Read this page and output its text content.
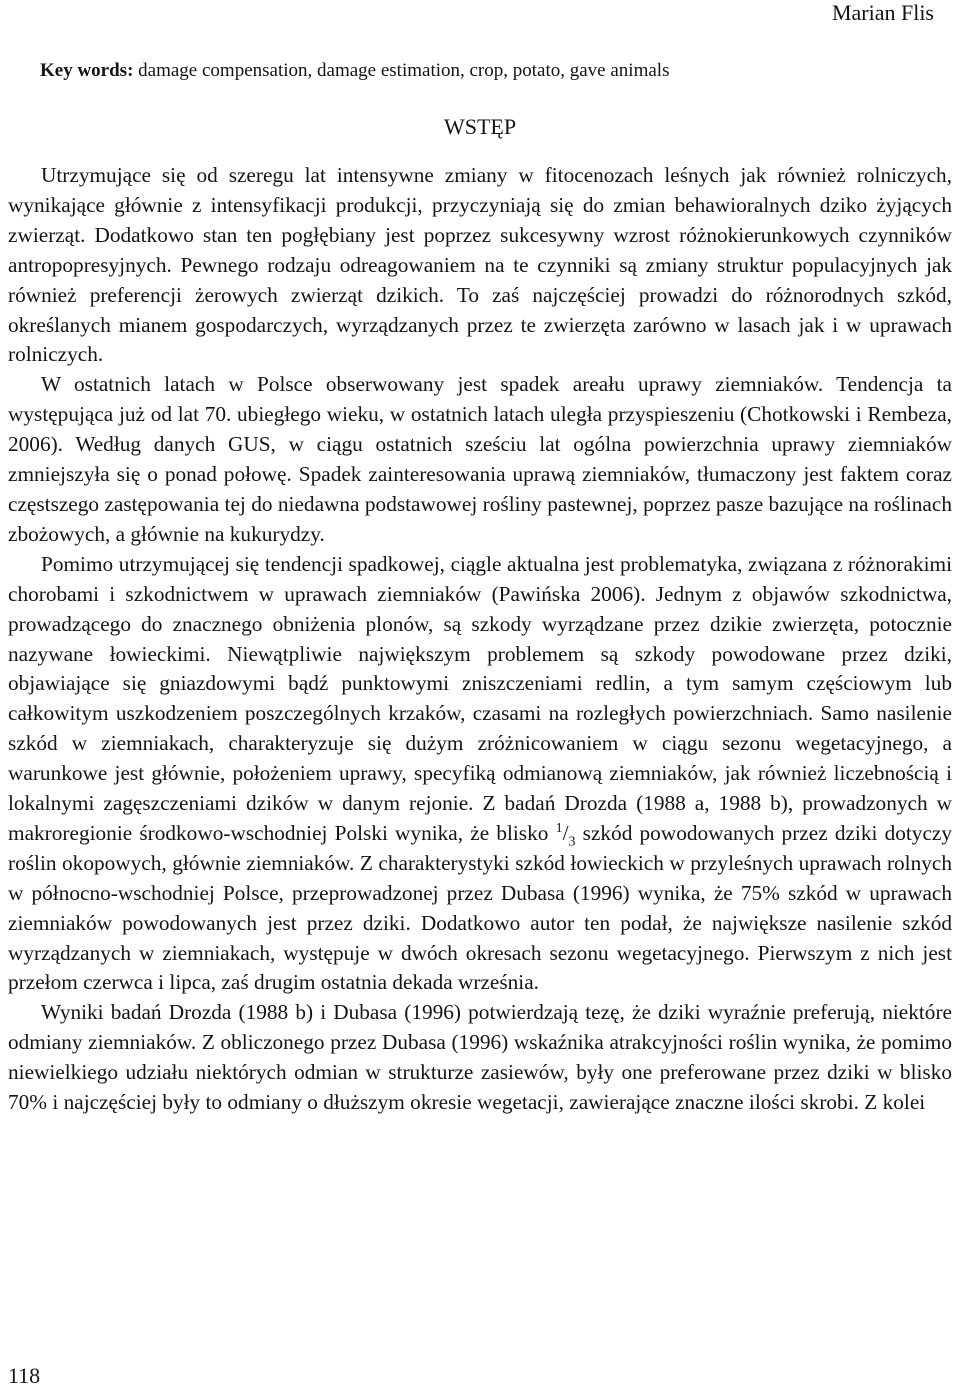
Marian Flis
Key words: damage compensation, damage estimation, crop, potato, gave animals
WSTĘP

Utrzymujące się od szeregu lat intensywne zmiany w fitocenozach leśnych jak również rolniczych, wynikające głównie z intensyfikacji produkcji, przyczyniają się do zmian behawioralnych dziko żyjących zwierząt. Dodatkowo stan ten pogłębiany jest poprzez sukcesywny wzrost różnokierunkowych czynników antropopresyjnych. Pewnego rodzaju odreagowaniem na te czynniki są zmiany struktur populacyjnych jak również preferencji żerowych zwierząt dzikich. To zaś najczęściej prowadzi do różnorodnych szkód, określanych mianem gospodarczych, wyrządzanych przez te zwierzęta zarówno w lasach jak i w uprawach rolniczych.

W ostatnich latach w Polsce obserwowany jest spadek areału uprawy ziemniaków. Tendencja ta występująca już od lat 70. ubiegłego wieku, w ostatnich latach uległa przyspieszeniu (Chotkowski i Rembeza, 2006). Według danych GUS, w ciągu ostatnich sześciu lat ogólna powierzchnia uprawy ziemniaków zmniejszyła się o ponad połowę. Spadek zainteresowania uprawą ziemniaków, tłumaczony jest faktem coraz częstszego zastępowania tej do niedawna podstawowej rośliny pastewnej, poprzez pasze bazujące na roślinach zbożowych, a głównie na kukurydzy.

Pomimo utrzymującej się tendencji spadkowej, ciągle aktualna jest problematyka, związana z różnorakimi chorobami i szkodnictwem w uprawach ziemniaków (Pawińska 2006). Jednym z objawów szkodnictwa, prowadzącego do znacznego obniżenia plonów, są szkody wyrządzane przez dzikie zwierzęta, potocznie nazywane łowieckimi. Niewątpliwie największym problemem są szkody powodowane przez dziki, objawiające się gniazdowymi bądź punktowymi zniszczeniami redlin, a tym samym częściowym lub całkowitym uszkodzeniem poszczególnych krzaków, czasami na rozległych powierzchniach. Samo nasilenie szkód w ziemniakach, charakteryzuje się dużym zróżnicowaniem w ciągu sezonu wegetacyjnego, a warunkowe jest głównie, położeniem uprawy, specyfiką odmianową ziemniaków, jak również liczebnością i lokalnymi zagęszczeniami dzików w danym rejonie. Z badań Drozda (1988 a, 1988 b), prowadzonych w makroregionie środkowo-wschodniej Polski wynika, że blisko $^1/_3$ szkód powodowanych przez dziki dotyczy roślin okopowych, głównie ziemniaków. Z charakterystyki szkód łowieckich w przyleśnych uprawach rolnych w północno-wschodniej Polsce, przeprowadzonej przez Dubasa (1996) wynika, że 75% szkód w uprawach ziemniaków powodowanych jest przez dziki. Dodatkowo autor ten podał, że największe nasilenie szkód wyrządzanych w ziemniakach, występuje w dwóch okresach sezonu wegetacyjnego. Pierwszym z nich jest przełom czerwca i lipca, zaś drugim ostatnia dekada września.

Wyniki badań Drozda (1988 b) i Dubasa (1996) potwierdzają tezę, że dziki wyraźnie preferują, niektóre odmiany ziemniaków. Z obliczonego przez Dubasa (1996) wskaźnika atrakcyjności roślin wynika, że pomimo niewielkiego udziału niektórych odmian w strukturze zasiewów, były one preferowane przez dziki w blisko 70% i najczęściej były to odmiany o dłuższym okresie wegetacji, zawierające znaczne ilości skrobi. Z kolei

118
